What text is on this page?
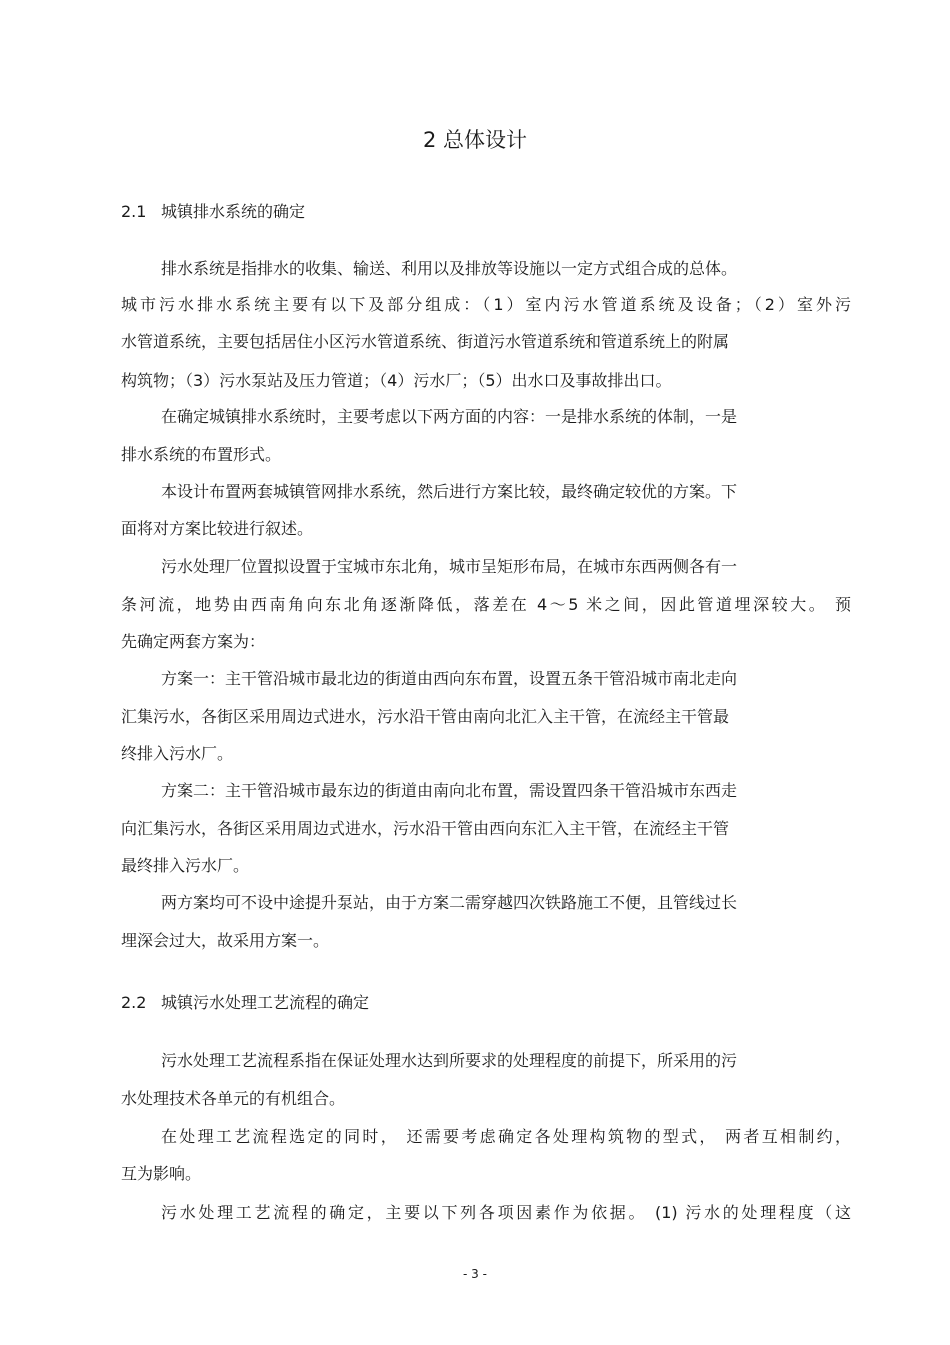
2 总体设计
2.1 城镇排水系统的确定
排水系统是指排水的收集、输送、利用以及排放等设施以一定方式组合成的总体。
城市污水排水系统主要有以下及部分组成：（1）室内污水管道系统及设备；（2）室外污
水管道系统，主要包括居住小区污水管道系统、街道污水管道系统和管道系统上的附属
构筑物；（3）污水泵站及压力管道；（4）污水厂；（5）出水口及事故排出口。
在确定城镇排水系统时，主要考虑以下两方面的内容：一是排水系统的体制，一是
排水系统的布置形式。
本设计布置两套城镇管网排水系统，然后进行方案比较，最终确定较优的方案。下
面将对方案比较进行叙述。
污水处理厂位置拟设置于宝城市东北角，城市呈矩形布局，在城市东西两侧各有一
条河流，地势由西南角向东北角逐渐降低，落差在 4～5 米之间，因此管道埋深较大。 预
先确定两套方案为：
方案一：主干管沿城市最北边的街道由西向东布置，设置五条干管沿城市南北走向
汇集污水，各街区采用周边式进水，污水沿干管由南向北汇入主干管，在流经主干管最
终排入污水厂。
方案二：主干管沿城市最东边的街道由南向北布置，需设置四条干管沿城市东西走
向汇集污水，各街区采用周边式进水，污水沿干管由西向东汇入主干管，在流经主干管
最终排入污水厂。
两方案均可不设中途提升泵站，由于方案二需穿越四次铁路施工不便，且管线过长
埋深会过大，故采用方案一。
2.2 城镇污水处理工艺流程的确定
污水处理工艺流程系指在保证处理水达到所要求的处理程度的前提下，所采用的污
水处理技术各单元的有机组合。
在处理工艺流程选定的同时， 还需要考虑确定各处理构筑物的型式， 两者互相制约，
互为影响。
污水处理工艺流程的确定，主要以下列各项因素作为依据。 (1) 污水的处理程度（这
- 3 -
